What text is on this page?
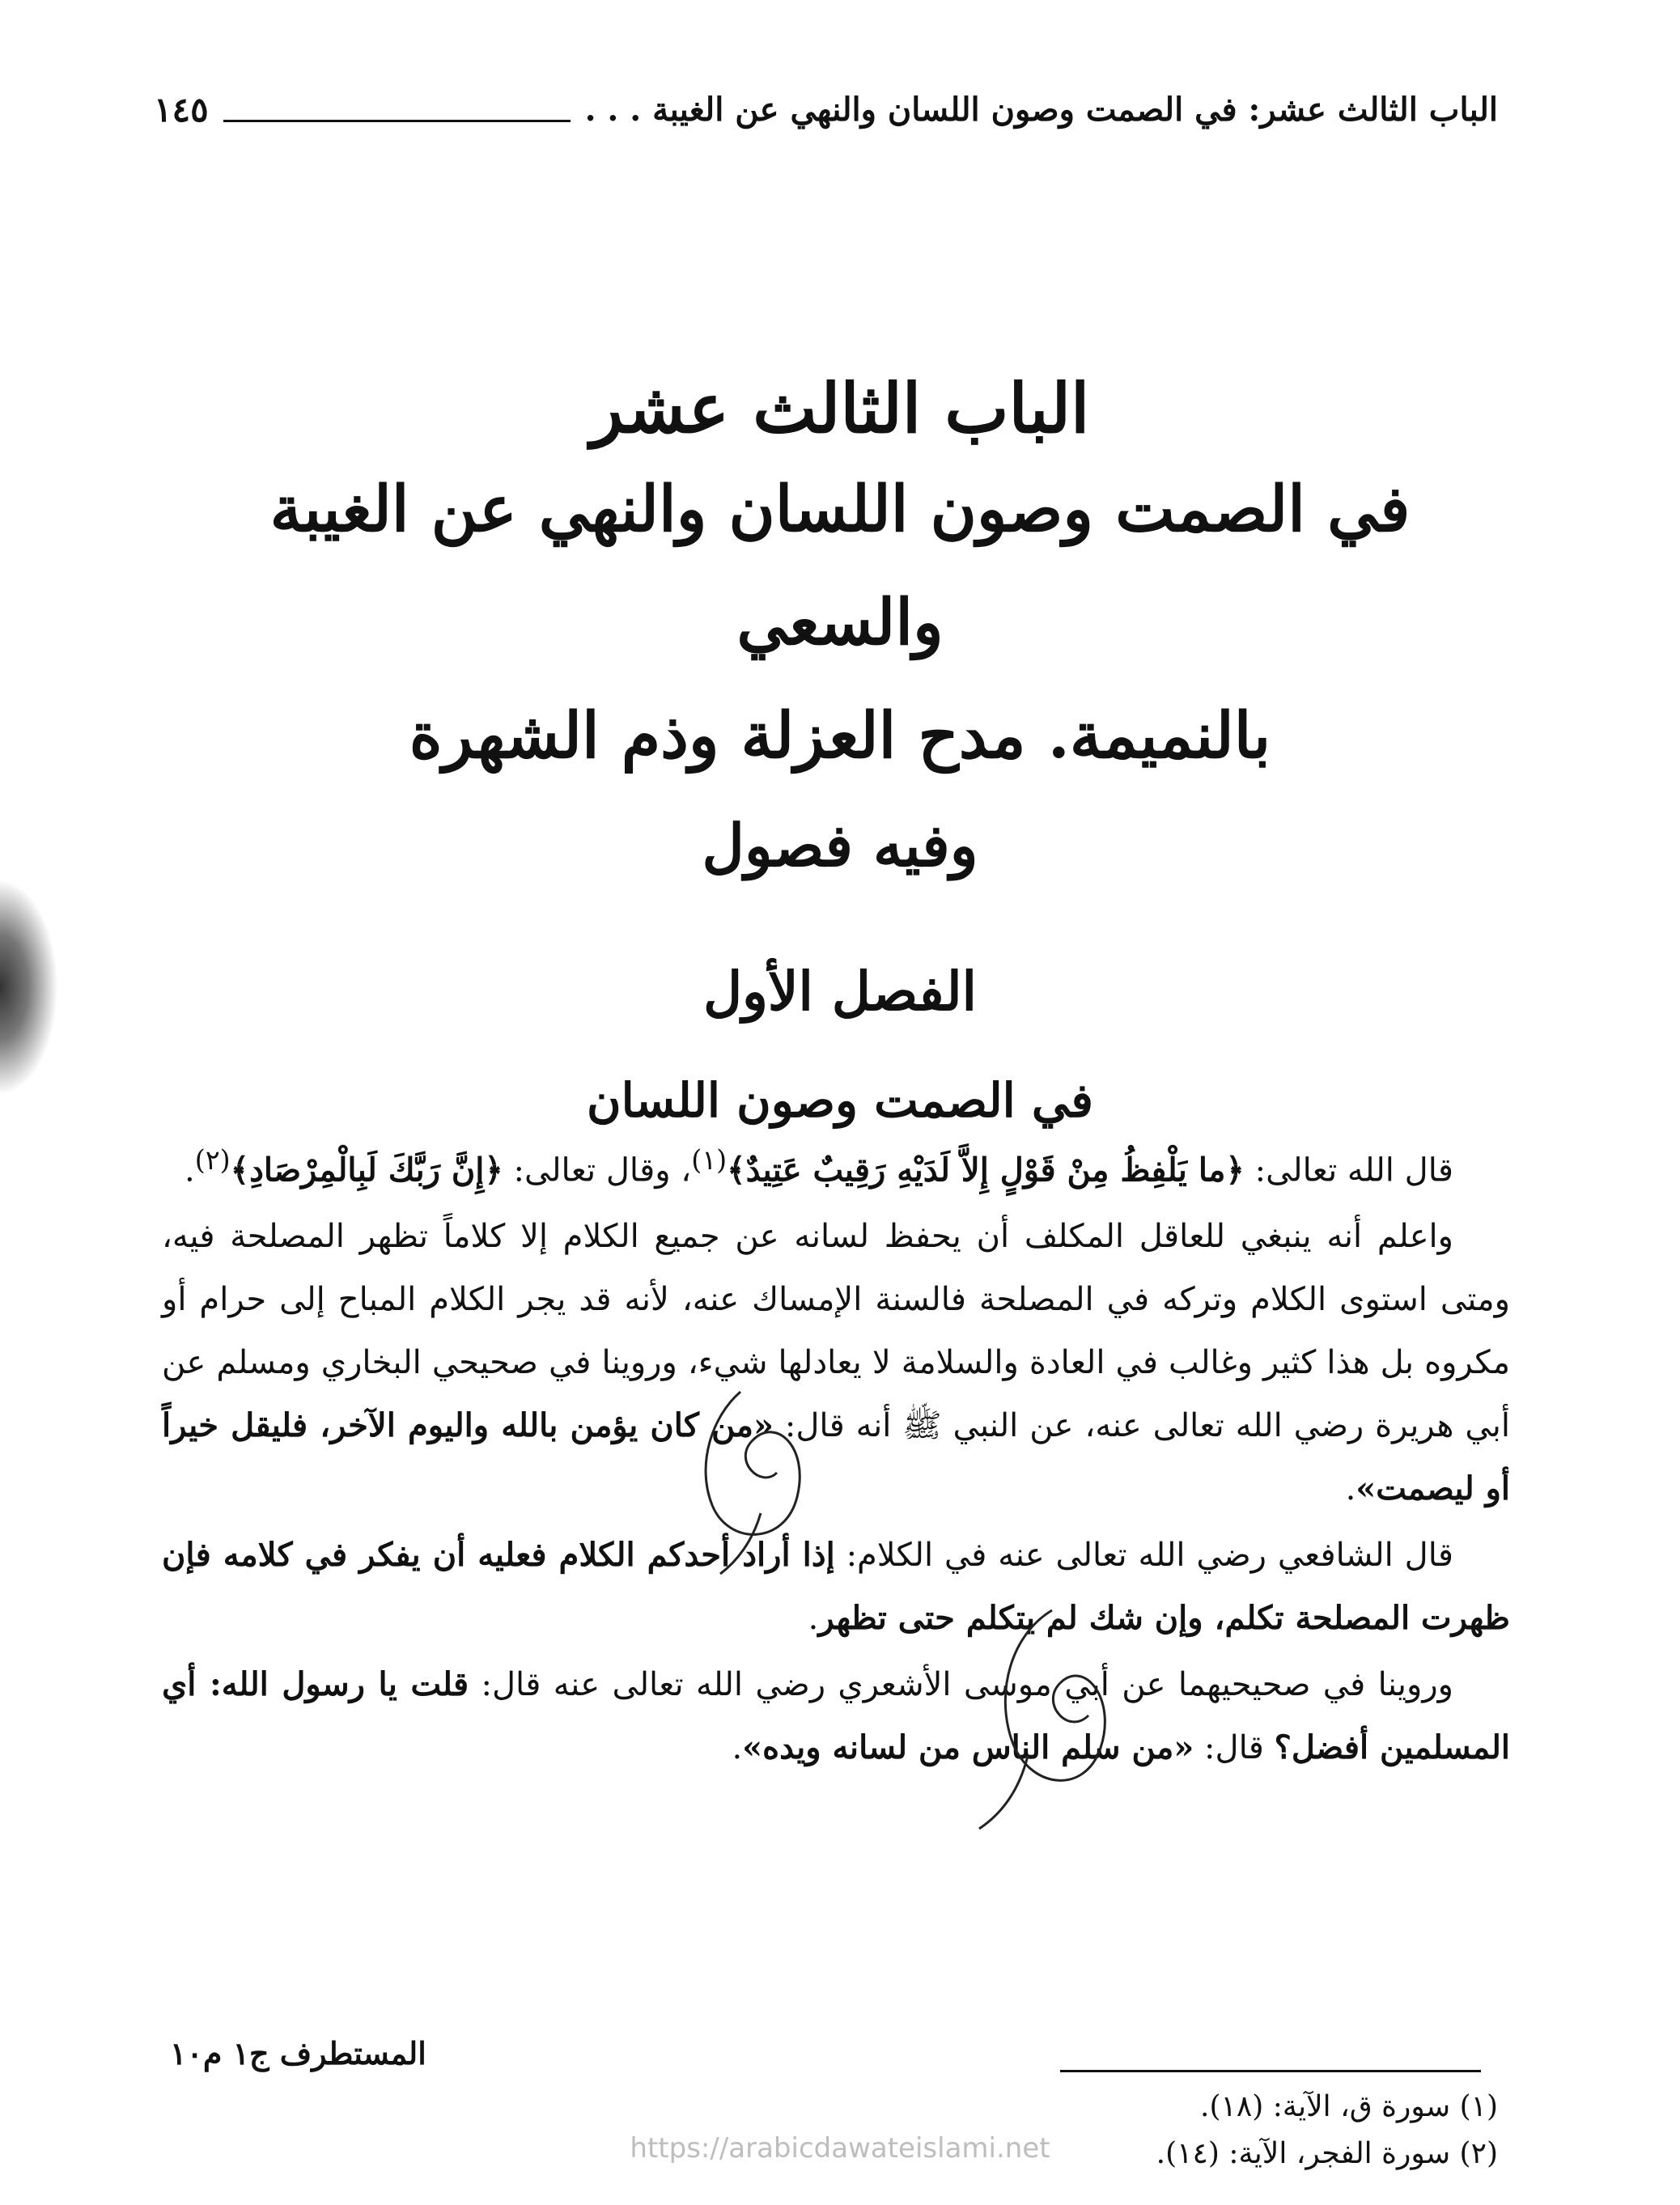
الباب الثالث عشر: في الصمت وصون اللسان والنهي عن الغيبة . . .
١٤٥
الباب الثالث عشر
في الصمت وصون اللسان والنهي عن الغيبة والسعي
بالنميمة. مدح العزلة وذم الشهرة
وفيه فصول
الفصل الأول
في الصمت وصون اللسان

قال الله تعالى: ﴿ما يَلْفِظُ مِنْ قَوْلٍ إِلاَّ لَدَيْهِ رَقِيبٌ عَتِيدٌ﴾$^{(١)}$، وقال تعالى: ﴿إِنَّ رَبَّكَ لَبِالْمِرْصَادِ﴾$^{(٢)}$.

واعلم أنه ينبغي للعاقل المكلف أن يحفظ لسانه عن جميع الكلام إلا كلاماً تظهر المصلحة فيه، ومتى استوى الكلام وتركه في المصلحة فالسنة الإمساك عنه، لأنه قد يجر الكلام المباح إلى حرام أو مكروه بل هذا كثير وغالب في العادة والسلامة لا يعادلها شيء، وروينا في صحيحي البخاري ومسلم عن أبي هريرة رضي الله تعالى عنه، عن النبي ﷺ أنه قال: «من كان يؤمن بالله واليوم الآخر، فليقل خيراً أو ليصمت».

قال الشافعي رضي الله تعالى عنه في الكلام: إذا أراد أحدكم الكلام فعليه أن يفكر في كلامه فإن ظهرت المصلحة تكلم، وإن شك لم يتكلم حتى تظهر.

وروينا في صحيحيهما عن أبي موسى الأشعري رضي الله تعالى عنه قال: قلت يا رسول الله: أي المسلمين أفضل؟ قال: «من سلم الناس من لسانه ويده».

(١) سورة ق، الآية: (١٨).
(٢) سورة الفجر، الآية: (١٤).
المستطرف ج١ م١٠
https://arabicdawateislami.net
